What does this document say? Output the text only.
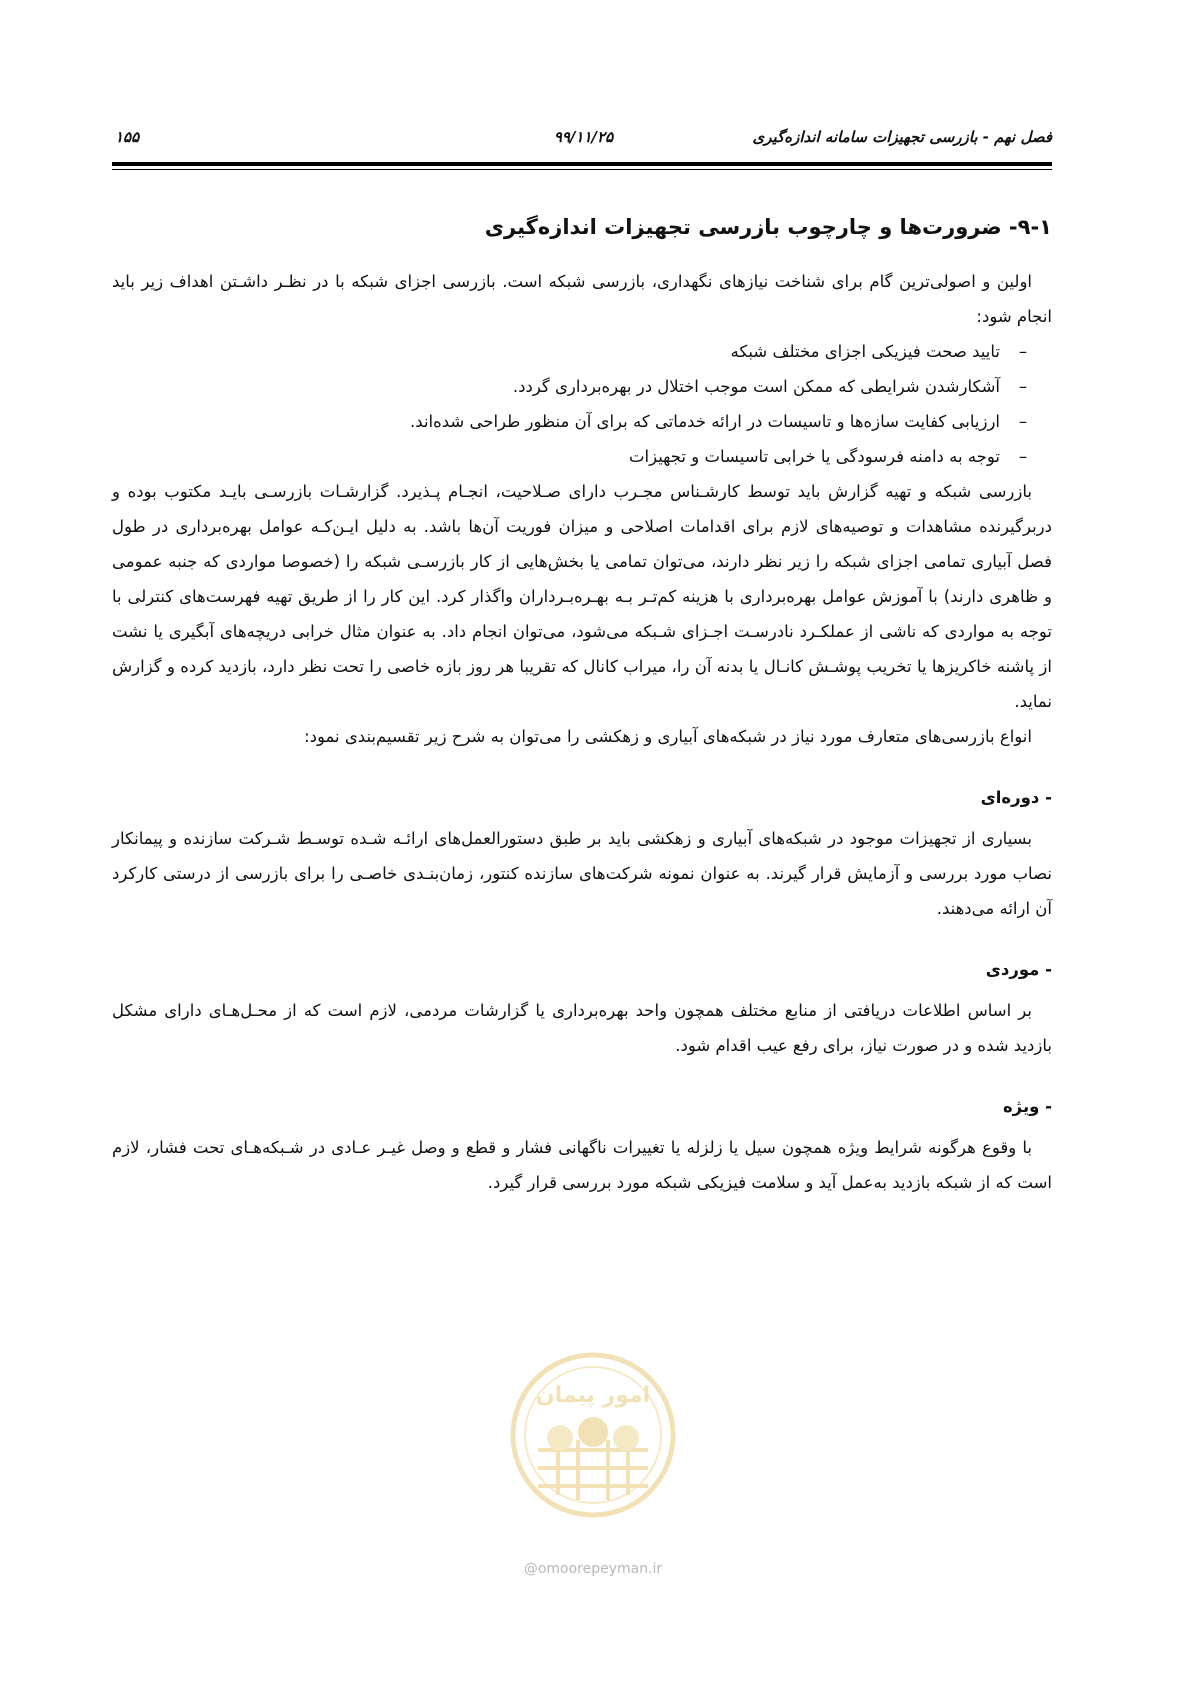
فصل نهم - بازرسی تجهیزات سامانه اندازه‌گیری
۹۹/۱۱/۲۵
۱۵۵
۹-۱- ضرورت‌ها و چارچوب بازرسی تجهیزات اندازه‌گیری

اولین و اصولی‌ترین گام برای شناخت نیازهای نگهداری، بازرسی شبکه است. بازرسی اجزای شبکه با در نظـر داشـتن اهداف زیر باید انجام شود:

–
تایید صحت فیزیکی اجزای مختلف شبکه
–
آشکارشدن شرایطی که ممکن است موجب اختلال در بهره‌برداری گردد.
–
ارزیابی کفایت سازه‌ها و تاسیسات در ارائه خدماتی که برای آن منظور طراحی شده‌اند.
–
توجه به دامنه فرسودگی یا خرابی تاسیسات و تجهیزات

بازرسی شبکه و تهیه گزارش باید توسط کارشـناس مجـرب دارای صـلاحیت، انجـام پـذیرد. گزارشـات بازرسـی بایـد مکتوب بوده و دربرگیرنده مشاهدات و توصیه‌های لازم برای اقدامات اصلاحی و میزان فوریت آن‌ها باشد. به دلیل ایـن‌کـه عوامل بهره‌برداری در طول فصل آبیاری تمامی اجزای شبکه را زیر نظر دارند، می‌توان تمامی یا بخش‌هایی از کار بازرسـی شبکه را (خصوصا مواردی که جنبه عمومی و ظاهری دارند) با آموزش عوامل بهره‌برداری با هزینه کم‌تـر بـه بهـره‌بـرداران واگذار کرد. این کار را از طریق تهیه فهرست‌های کنترلی با توجه به مواردی که ناشی از عملکـرد نادرسـت اجـزای شـبکه می‌شود، می‌توان انجام داد. به عنوان مثال خرابی دریچه‌های آبگیری یا نشت از پاشنه خاکریزها یا تخریب پوشـش کانـال یا بدنه آن را، میراب کانال که تقریبا هر روز بازه خاصی را تحت نظر دارد، بازدید کرده و گزارش نماید.

انواع بازرسی‌های متعارف مورد نیاز در شبکه‌های آبیاری و زهکشی را می‌توان به شرح زیر تقسیم‌بندی نمود:

- دوره‌ای

بسیاری از تجهیزات موجود در شبکه‌های آبیاری و زهکشی باید بر طبق دستورالعمل‌های ارائـه شـده توسـط شـرکت سازنده و پیمانکار نصاب مورد بررسی و آزمایش قرار گیرند. به عنوان نمونه شرکت‌های سازنده کنتور، زمان‌بنـدی خاصـی را برای بازرسی از درستی کارکرد آن ارائه می‌دهند.

- موردی

بر اساس اطلاعات دریافتی از منابع مختلف همچون واحد بهره‌برداری یا گزارشات مردمی، لازم است که از محـل‌هـای دارای مشکل بازدید شده و در صورت نیاز، برای رفع عیب اقدام شود.

- ویژه

با وقوع هرگونه شرایط ویژه همچون سیل یا زلزله یا تغییرات ناگهانی فشار و قطع و وصل غیـر عـادی در شـبکه‌هـای تحت فشار، لازم است که از شبکه بازدید به‌عمل آید و سلامت فیزیکی شبکه مورد بررسی قرار گیرد.

امور پیمان
@omoorepeyman.ir
